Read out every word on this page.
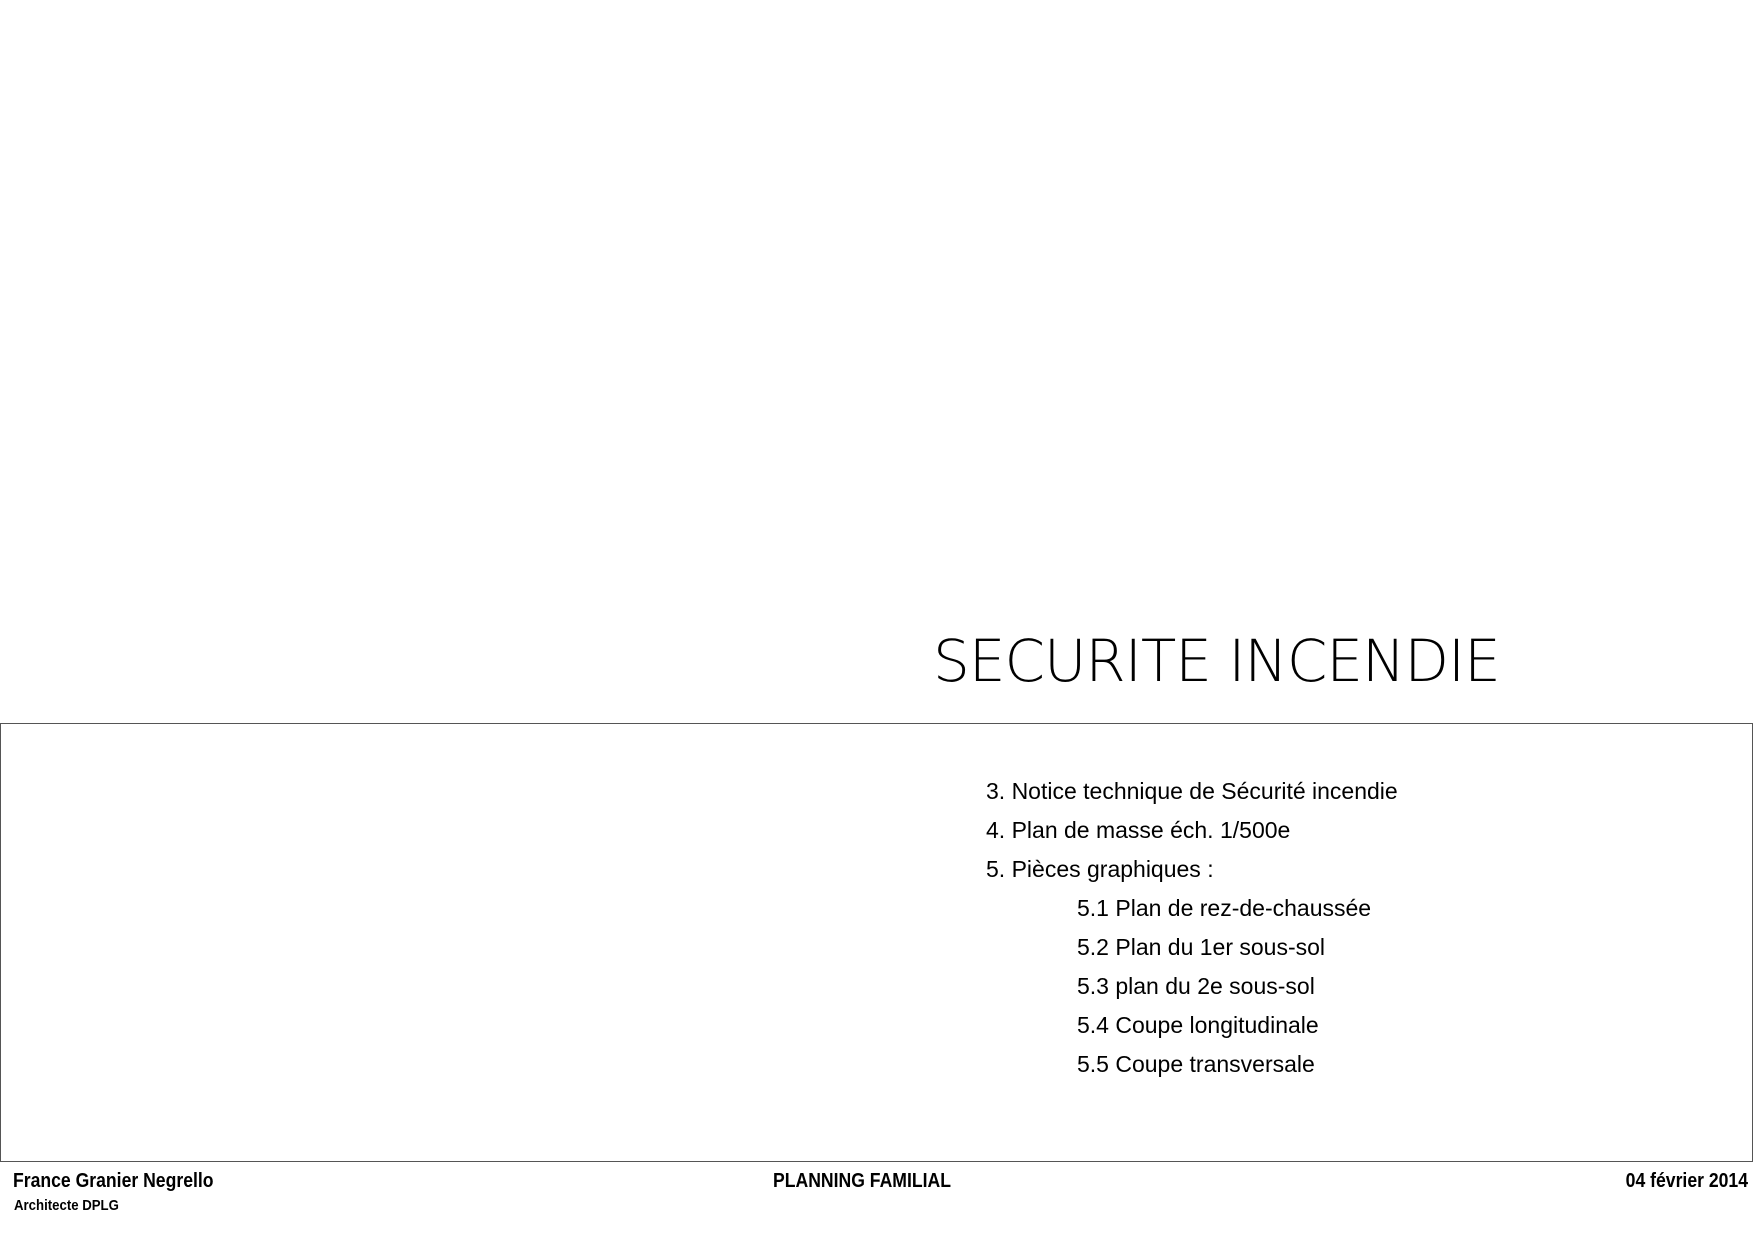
SECURITE INCENDIE
3. Notice technique de Sécurité incendie
4. Plan de masse éch. 1/500e
5. Pièces graphiques :
5.1 Plan de rez-de-chaussée
5.2 Plan du 1er sous-sol
5.3 plan du 2e sous-sol
5.4 Coupe longitudinale
5.5 Coupe transversale
France Granier Negrello
Architecte DPLG
PLANNING FAMILIAL	04 février 2014
